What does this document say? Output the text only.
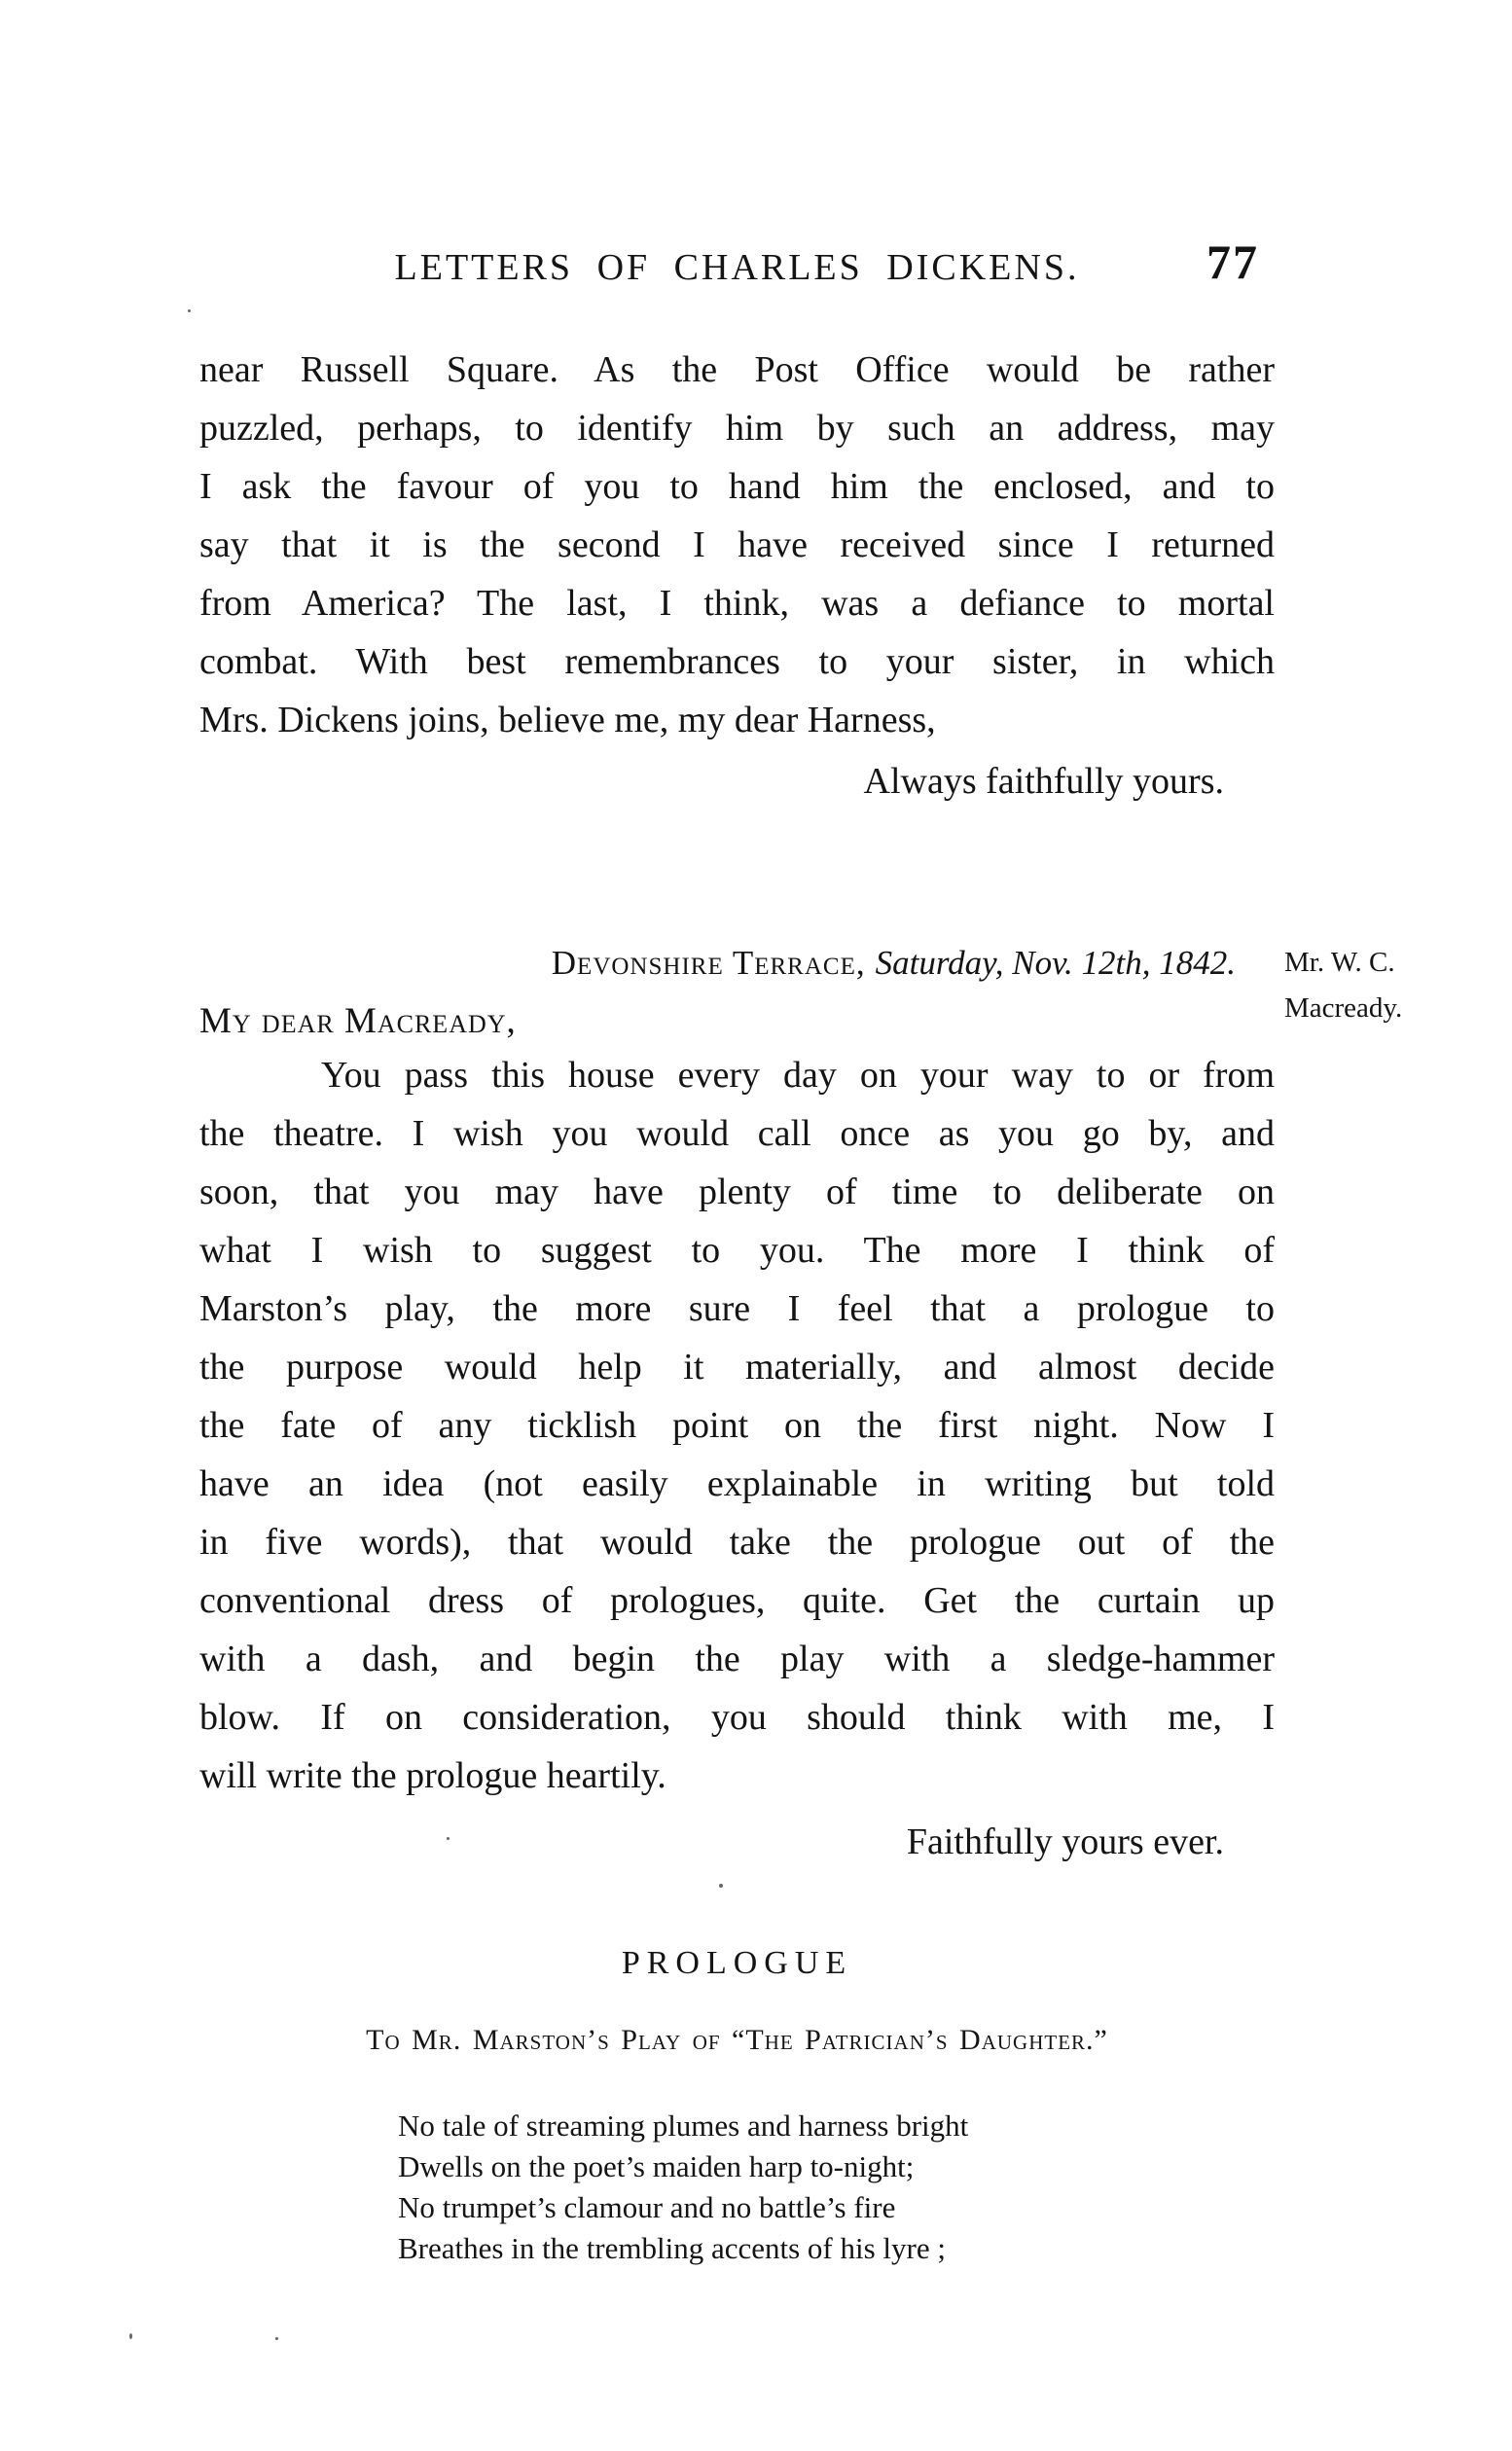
LETTERS OF CHARLES DICKENS.	77
near Russell Square. As the Post Office would be rather
puzzled, perhaps, to identify him by such an address, may
I ask the favour of you to hand him the enclosed, and to
say that it is the second I have received since I returned
from America? The last, I think, was a defiance to mortal
combat. With best remembrances to your sister, in which
Mrs. Dickens joins, believe me, my dear Harness,
Always faithfully yours.
Devonshire Terrace, Saturday, Nov. 12th, 1842.	Mr. W. C.
Macready.
My dear Macready,
You pass this house every day on your way to or from
the theatre. I wish you would call once as you go by, and
soon, that you may have plenty of time to deliberate on
what I wish to suggest to you. The more I think of
Marston’s play, the more sure I feel that a prologue to
the purpose would help it materially, and almost decide
the fate of any ticklish point on the first night. Now I
have an idea (not easily explainable in writing but told
in five words), that would take the prologue out of the
conventional dress of prologues, quite. Get the curtain up
with a dash, and begin the play with a sledge-hammer
blow. If on consideration, you should think with me, I
will write the prologue heartily.
Faithfully yours ever.
PROLOGUE
To Mr. Marston’s Play of “The Patrician’s Daughter.”
No tale of streaming plumes and harness bright
Dwells on the poet’s maiden harp to-night;
No trumpet’s clamour and no battle’s fire
Breathes in the trembling accents of his lyre ;
